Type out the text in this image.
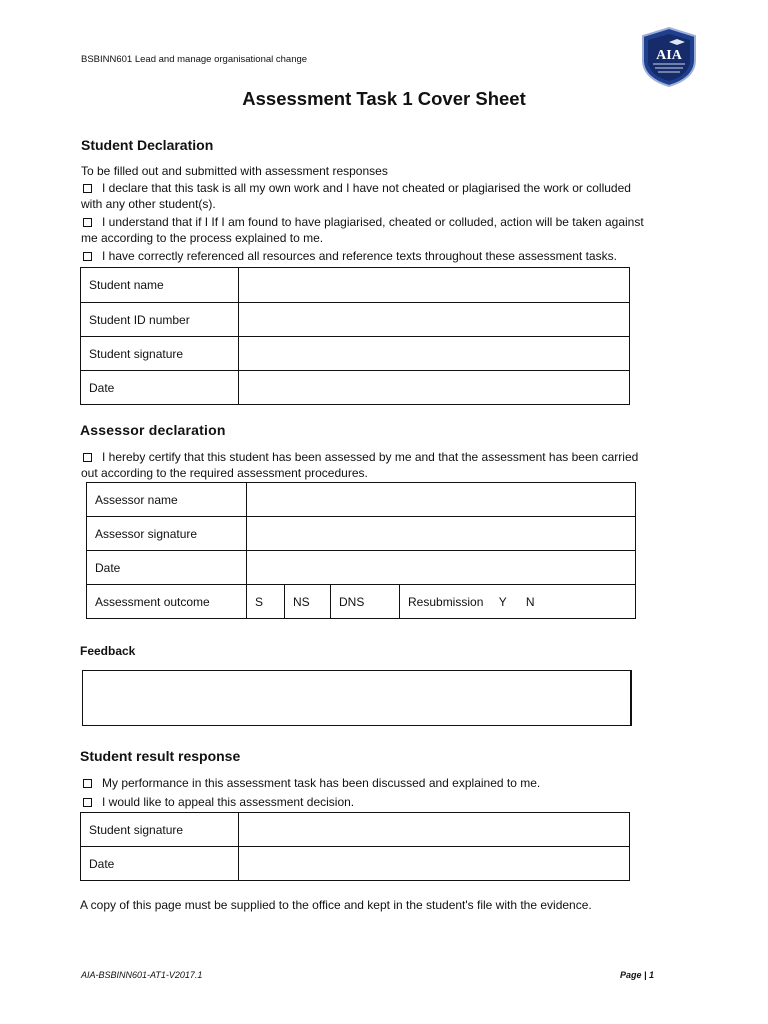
BSBINN601 Lead and manage organisational change	AIA
Assessment Task 1 Cover Sheet
Student Declaration
To be filled out and submitted with assessment responses
I declare that this task is all my own work and I have not cheated or plagiarised the work or colluded
with any other student(s).
I understand that if I If I am found to have plagiarised, cheated or colluded, action will be taken against
me according to the process explained to me.
I have correctly referenced all resources and reference texts throughout these assessment tasks.
Student name	
Student ID number	
Student signature	
Date	
Assessor declaration
I hereby certify that this student has been assessed by me and that the assessment has been carried
out according to the required assessment procedures.
Assessor name				
Assessor signature				
Date				
Assessment outcome	S	NS	DNS	Resubmission Y N
Feedback
Student result response
My performance in this assessment task has been discussed and explained to me.
I would like to appeal this assessment decision.
Student signature	
Date	
A copy of this page must be supplied to the office and kept in the student's file with the evidence.
AIA-BSBINN601-AT1-V2017.1	Page | 1
